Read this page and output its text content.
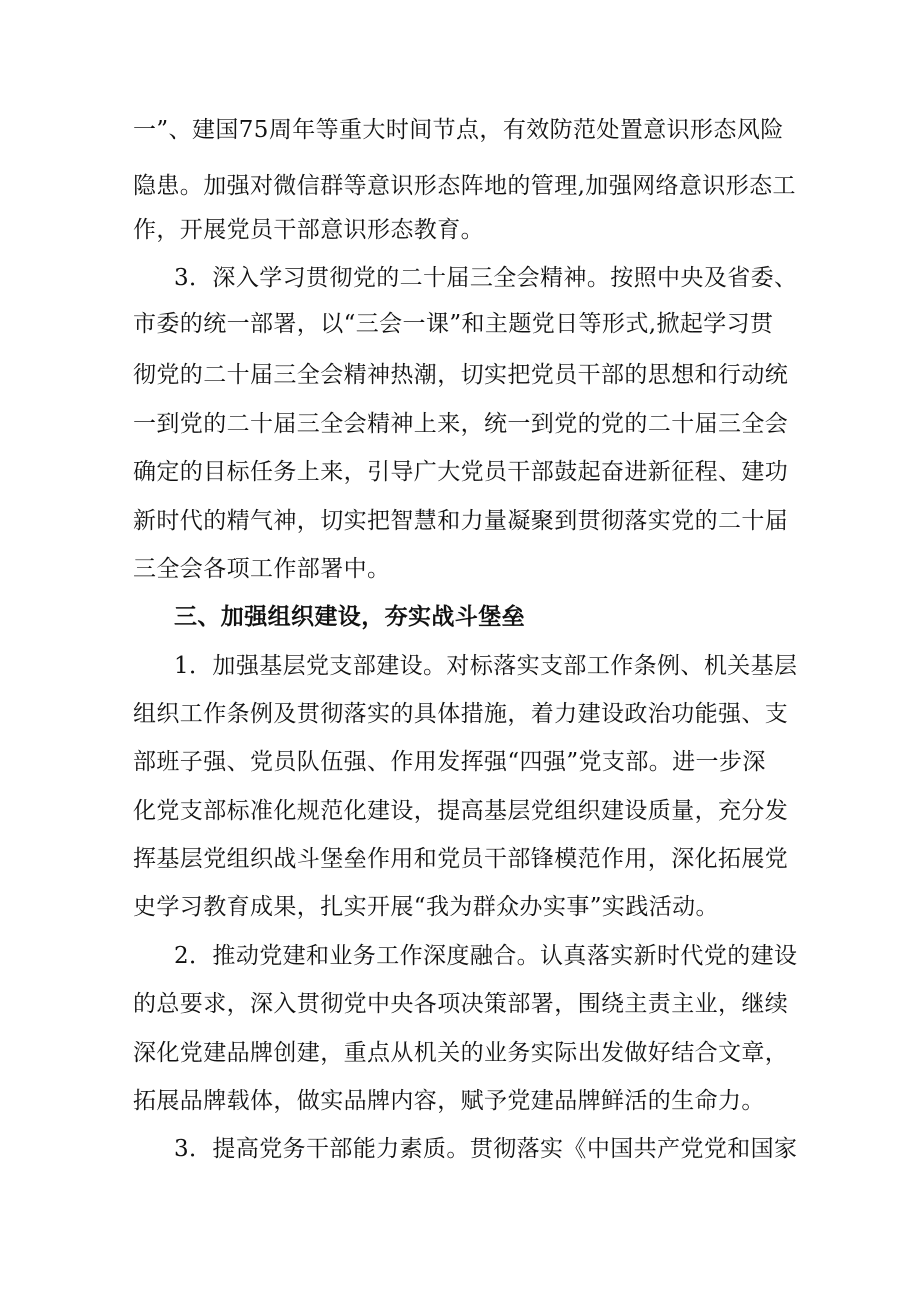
一”、建国75周年等重大时间节点，有效防范处置意识形态风险
隐患。加强对微信群等意识形态阵地的管理,加强网络意识形态工
作，开展党员干部意识形态教育。
3．深入学习贯彻党的二十届三全会精神。按照中央及省委、
市委的统一部署，以“三会一课”和主题党日等形式,掀起学习贯
彻党的二十届三全会精神热潮，切实把党员干部的思想和行动统
一到党的二十届三全会精神上来，统一到党的党的二十届三全会
确定的目标任务上来，引导广大党员干部鼓起奋进新征程、建功
新时代的精气神，切实把智慧和力量凝聚到贯彻落实党的二十届
三全会各项工作部署中。
三、加强组织建设，夯实战斗堡垒
1．加强基层党支部建设。对标落实支部工作条例、机关基层
组织工作条例及贯彻落实的具体措施，着力建设政治功能强、支
部班子强、党员队伍强、作用发挥强“四强”党支部。进一步深
化党支部标准化规范化建设，提高基层党组织建设质量，充分发
挥基层党组织战斗堡垒作用和党员干部锋模范作用，深化拓展党
史学习教育成果，扎实开展“我为群众办实事”实践活动。
2．推动党建和业务工作深度融合。认真落实新时代党的建设
的总要求，深入贯彻党中央各项决策部署，围绕主责主业，继续
深化党建品牌创建，重点从机关的业务实际出发做好结合文章，
拓展品牌载体，做实品牌内容，赋予党建品牌鲜活的生命力。
3．提高党务干部能力素质。贯彻落实《中国共产党党和国家
